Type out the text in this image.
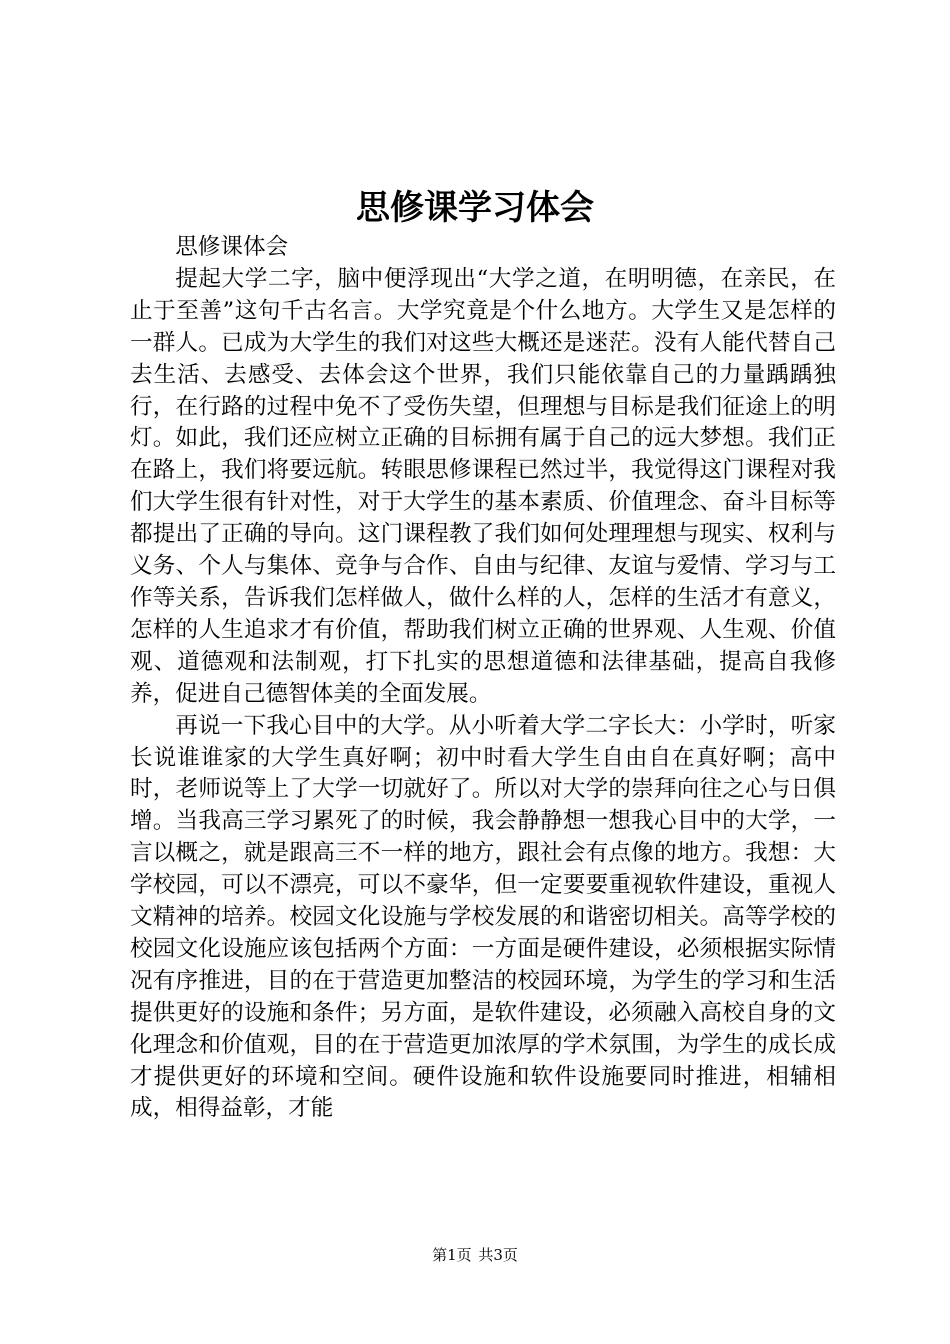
思修课学习体会

思修课体会

提起大学二字，脑中便浮现出“大学之道，在明明德，在亲民，在止于至善”这句千古名言。大学究竟是个什么地方。大学生又是怎样的一群人。已成为大学生的我们对这些大概还是迷茫。没有人能代替自己去生活、去感受、去体会这个世界，我们只能依靠自己的力量踽踽独行，在行路的过程中免不了受伤失望，但理想与目标是我们征途上的明灯。如此，我们还应树立正确的目标拥有属于自己的远大梦想。我们正在路上，我们将要远航。转眼思修课程已然过半，我觉得这门课程对我们大学生很有针对性，对于大学生的基本素质、价值理念、奋斗目标等都提出了正确的导向。这门课程教了我们如何处理理想与现实、权利与义务、个人与集体、竞争与合作、自由与纪律、友谊与爱情、学习与工作等关系，告诉我们怎样做人，做什么样的人，怎样的生活才有意义，怎样的人生追求才有价值，帮助我们树立正确的世界观、人生观、价值观、道德观和法制观，打下扎实的思想道德和法律基础，提高自我修养，促进自己德智体美的全面发展。

再说一下我心目中的大学。从小听着大学二字长大：小学时，听家长说谁谁家的大学生真好啊；初中时看大学生自由自在真好啊；高中时，老师说等上了大学一切就好了。所以对大学的崇拜向往之心与日俱增。当我高三学习累死了的时候，我会静静想一想我心目中的大学，一言以概之，就是跟高三不一样的地方，跟社会有点像的地方。我想：大学校园，可以不漂亮，可以不豪华，但一定要要重视软件建设，重视人文精神的培养。校园文化设施与学校发展的和谐密切相关。高等学校的校园文化设施应该包括两个方面：一方面是硬件建设，必须根据实际情况有序推进，目的在于营造更加整洁的校园环境，为学生的学习和生活提供更好的设施和条件；另方面，是软件建设，必须融入高校自身的文化理念和价值观，目的在于营造更加浓厚的学术氛围，为学生的成长成才提供更好的环境和空间。硬件设施和软件设施要同时推进，相辅相成，相得益彰，才能

第1页 共3页
